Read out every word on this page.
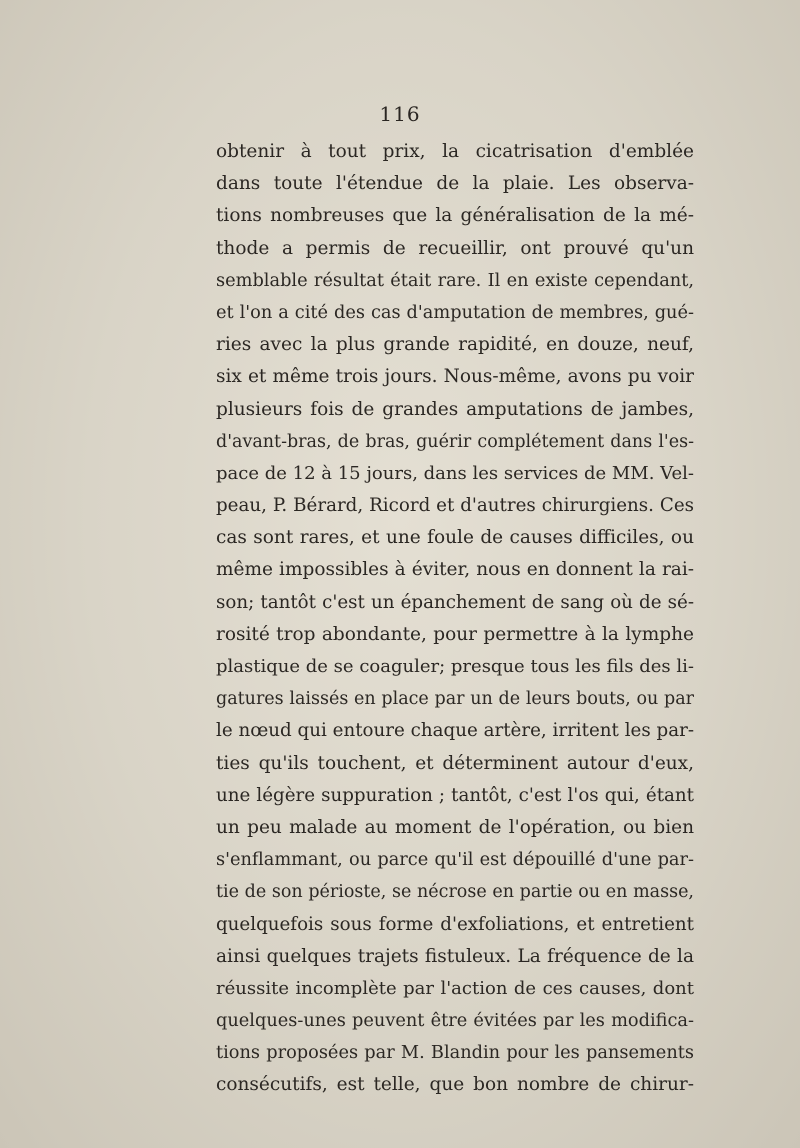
116
obtenir à tout prix, la cicatrisation d'emblée
dans toute l'étendue de la plaie. Les observa-
tions nombreuses que la généralisation de la mé-
thode a permis de recueillir, ont prouvé qu'un
semblable résultat était rare. Il en existe cependant,
et l'on a cité des cas d'amputation de membres, gué-
ries avec la plus grande rapidité, en douze, neuf,
six et même trois jours. Nous-même, avons pu voir
plusieurs fois de grandes amputations de jambes,
d'avant-bras, de bras, guérir complétement dans l'es-
pace de 12 à 15 jours, dans les services de MM. Vel-
peau, P. Bérard, Ricord et d'autres chirurgiens. Ces
cas sont rares, et une foule de causes difficiles, ou
même impossibles à éviter, nous en donnent la rai-
son; tantôt c'est un épanchement de sang où de sé-
rosité trop abondante, pour permettre à la lymphe
plastique de se coaguler; presque tous les fils des li-
gatures laissés en place par un de leurs bouts, ou par
le nœud qui entoure chaque artère, irritent les par-
ties qu'ils touchent, et déterminent autour d'eux,
une légère suppuration ; tantôt, c'est l'os qui, étant
un peu malade au moment de l'opération, ou bien
s'enflammant, ou parce qu'il est dépouillé d'une par-
tie de son périoste, se nécrose en partie ou en masse,
quelquefois sous forme d'exfoliations, et entretient
ainsi quelques trajets fistuleux. La fréquence de la
réussite incomplète par l'action de ces causes, dont
quelques-unes peuvent être évitées par les modifica-
tions proposées par M. Blandin pour les pansements
consécutifs, est telle, que bon nombre de chirur-
